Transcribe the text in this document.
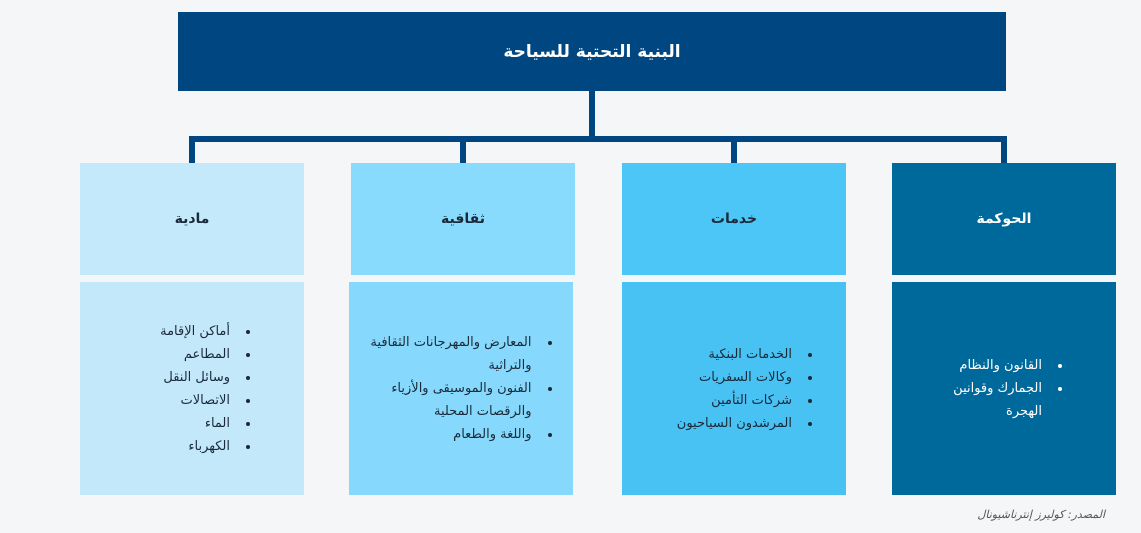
البنية التحتية للسياحة
الحوكمة
• القانون والنظام
• الجمارك وقوانين الهجرة
خدمات
• الخدمات البنكية
• وكالات السفريات
• شركات التأمين
• المرشدون السياحيون
ثقافية
• المعارض والمهرجانات الثقافية والتراثية
• الفنون والموسيقى والأزياء والرقصات المحلية
• واللغة والطعام
مادية
• أماكن الإقامة
• المطاعم
• وسائل النقل
• الاتصالات
• الماء
• الكهرباء
المصدر: كوليرز إنترناشيونال
